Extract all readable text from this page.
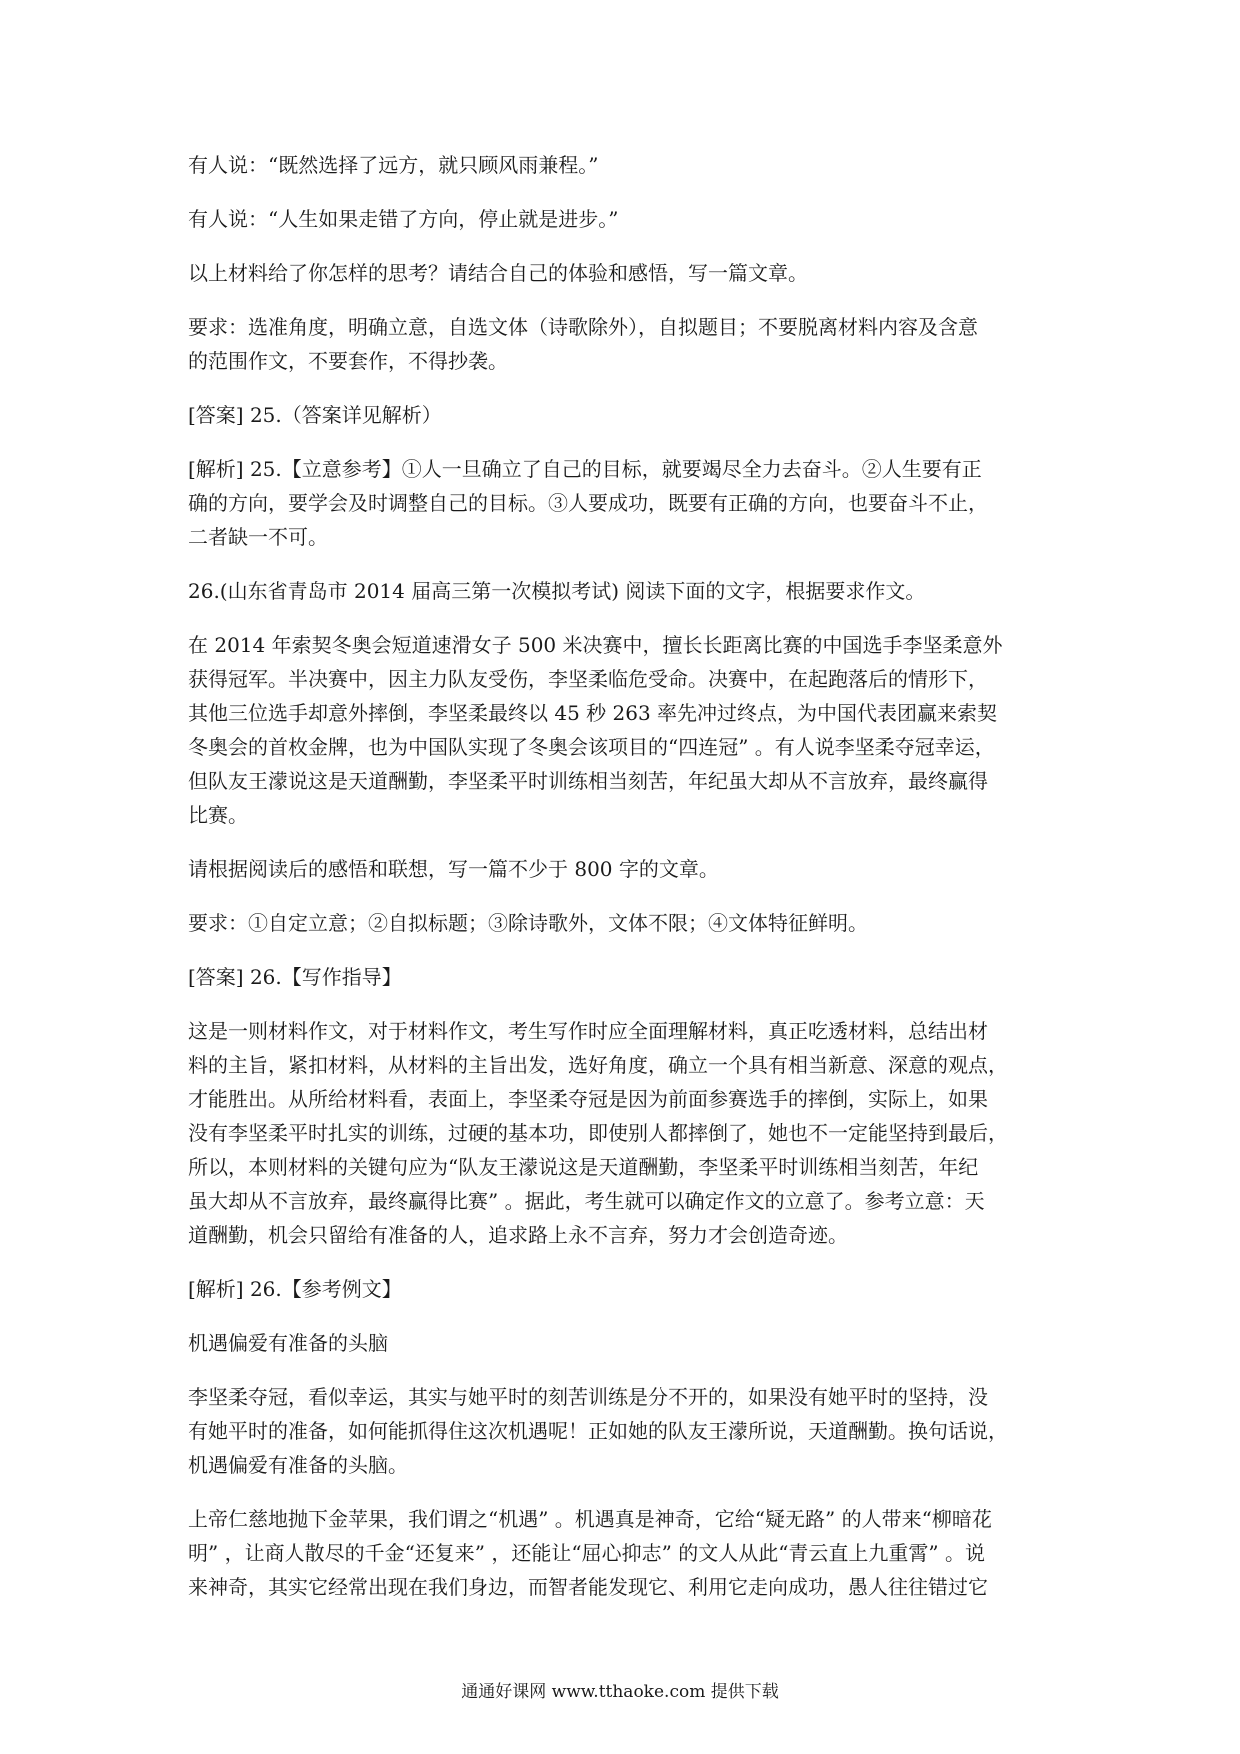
有人说：“既然选择了远方，就只顾风雨兼程。”
有人说：“人生如果走错了方向，停止就是进步。”
以上材料给了你怎样的思考？请结合自己的体验和感悟，写一篇文章。
要求：选准角度，明确立意，自选文体（诗歌除外），自拟题目；不要脱离材料内容及含意
的范围作文，不要套作，不得抄袭。
[答案] 25.（答案详见解析）
[解析] 25.【立意参考】①人一旦确立了自己的目标，就要竭尽全力去奋斗。②人生要有正
确的方向，要学会及时调整自己的目标。③人要成功，既要有正确的方向，也要奋斗不止，
二者缺一不可。
26.(山东省青岛市 2014 届高三第一次模拟考试) 阅读下面的文字，根据要求作文。
在 2014 年索契冬奥会短道速滑女子 500 米决赛中，擅长长距离比赛的中国选手李坚柔意外
获得冠军。半决赛中，因主力队友受伤，李坚柔临危受命。决赛中，在起跑落后的情形下，
其他三位选手却意外摔倒，李坚柔最终以 45 秒 263 率先冲过终点，为中国代表团赢来索契
冬奥会的首枚金牌，也为中国队实现了冬奥会该项目的“四连冠” 。有人说李坚柔夺冠幸运，
但队友王濛说这是天道酬勤，李坚柔平时训练相当刻苦，年纪虽大却从不言放弃，最终赢得
比赛。
请根据阅读后的感悟和联想，写一篇不少于 800 字的文章。
要求：①自定立意；②自拟标题；③除诗歌外，文体不限；④文体特征鲜明。
[答案] 26.【写作指导】
这是一则材料作文，对于材料作文，考生写作时应全面理解材料，真正吃透材料，总结出材
料的主旨，紧扣材料，从材料的主旨出发，选好角度，确立一个具有相当新意、深意的观点，
才能胜出。从所给材料看，表面上，李坚柔夺冠是因为前面参赛选手的摔倒，实际上，如果
没有李坚柔平时扎实的训练，过硬的基本功，即使别人都摔倒了，她也不一定能坚持到最后，
所以，本则材料的关键句应为“队友王濛说这是天道酬勤，李坚柔平时训练相当刻苦，年纪
虽大却从不言放弃，最终赢得比赛” 。据此，考生就可以确定作文的立意了。参考立意：天
道酬勤，机会只留给有准备的人，追求路上永不言弃，努力才会创造奇迹。
[解析] 26.【参考例文】
机遇偏爱有准备的头脑
李坚柔夺冠，看似幸运，其实与她平时的刻苦训练是分不开的，如果没有她平时的坚持，没
有她平时的准备，如何能抓得住这次机遇呢！正如她的队友王濛所说，天道酬勤。换句话说，
机遇偏爱有准备的头脑。
上帝仁慈地抛下金苹果，我们谓之“机遇” 。机遇真是神奇，它给“疑无路” 的人带来“柳暗花
明” ，让商人散尽的千金“还复来” ，还能让“屈心抑志” 的文人从此“青云直上九重霄” 。说
来神奇，其实它经常出现在我们身边，而智者能发现它、利用它走向成功，愚人往往错过它
通通好课网 www.tthaoke.com 提供下载
